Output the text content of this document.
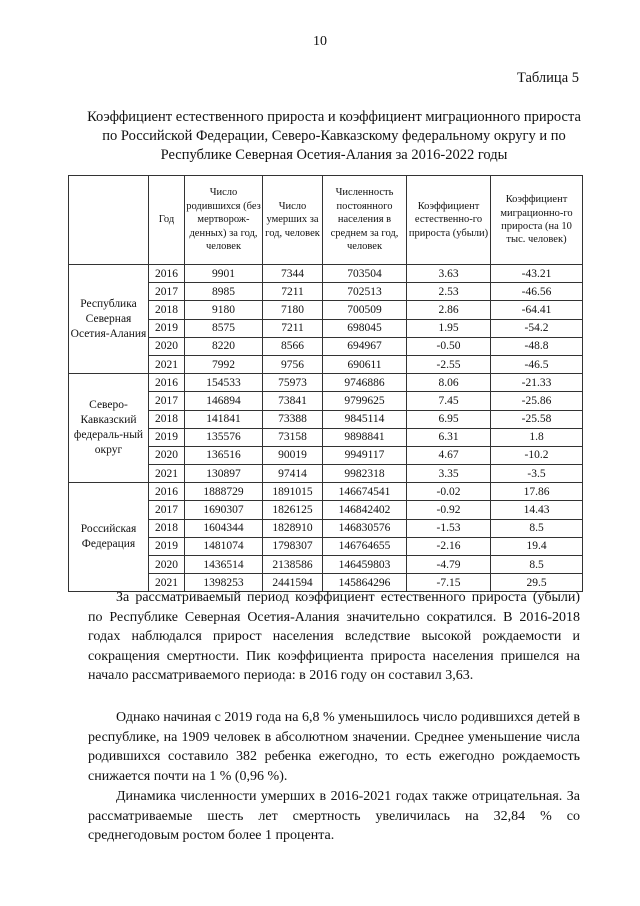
10
Таблица 5
Коэффициент естественного прироста и коэффициент миграционного прироста по Российской Федерации, Северо-Кавказскому федеральному округу и по Республике Северная Осетия-Алания за 2016-2022 годы
	Год	Число родившихся (без мертворож-денных) за год, человек	Число умерших за год, человек	Численность постоянного населения в среднем за год, человек	Коэффициент естественно-го прироста (убыли)	Коэффициент миграционно-го прироста (на 10 тыс. человек)
Республика Северная Осетия-Алания	2016	9901	7344	703504	3.63	-43.21
	2017	8985	7211	702513	2.53	-46.56
	2018	9180	7180	700509	2.86	-64.41
	2019	8575	7211	698045	1.95	-54.2
	2020	8220	8566	694967	-0.50	-48.8
	2021	7992	9756	690611	-2.55	-46.5
Северо-Кавказский федераль-ный округ	2016	154533	75973	9746886	8.06	-21.33
	2017	146894	73841	9799625	7.45	-25.86
	2018	141841	73388	9845114	6.95	-25.58
	2019	135576	73158	9898841	6.31	1.8
	2020	136516	90019	9949117	4.67	-10.2
	2021	130897	97414	9982318	3.35	-3.5
Российская Федерация	2016	1888729	1891015	146674541	-0.02	17.86
	2017	1690307	1826125	146842402	-0.92	14.43
	2018	1604344	1828910	146830576	-1.53	8.5
	2019	1481074	1798307	146764655	-2.16	19.4
	2020	1436514	2138586	146459803	-4.79	8.5
	2021	1398253	2441594	145864296	-7.15	29.5

За рассматриваемый период коэффициент естественного прироста (убыли) по Республике Северная Осетия-Алания значительно сократился. В 2016-2018 годах наблюдался прирост населения вследствие высокой рождаемости и сокращения смертности. Пик коэффициента прироста населения пришелся на начало рассматриваемого периода: в 2016 году он составил 3,63.

Однако начиная с 2019 года на 6,8 % уменьшилось число родившихся детей в республике, на 1909 человек в абсолютном значении. Среднее уменьшение числа родившихся составило 382 ребенка ежегодно, то есть ежегодно рождаемость снижается почти на 1 % (0,96 %).

Динамика численности умерших в 2016-2021 годах также отрицательная. За рассматриваемые шесть лет смертность увеличилась на 32,84 % со среднегодовым ростом более 1 процента.
